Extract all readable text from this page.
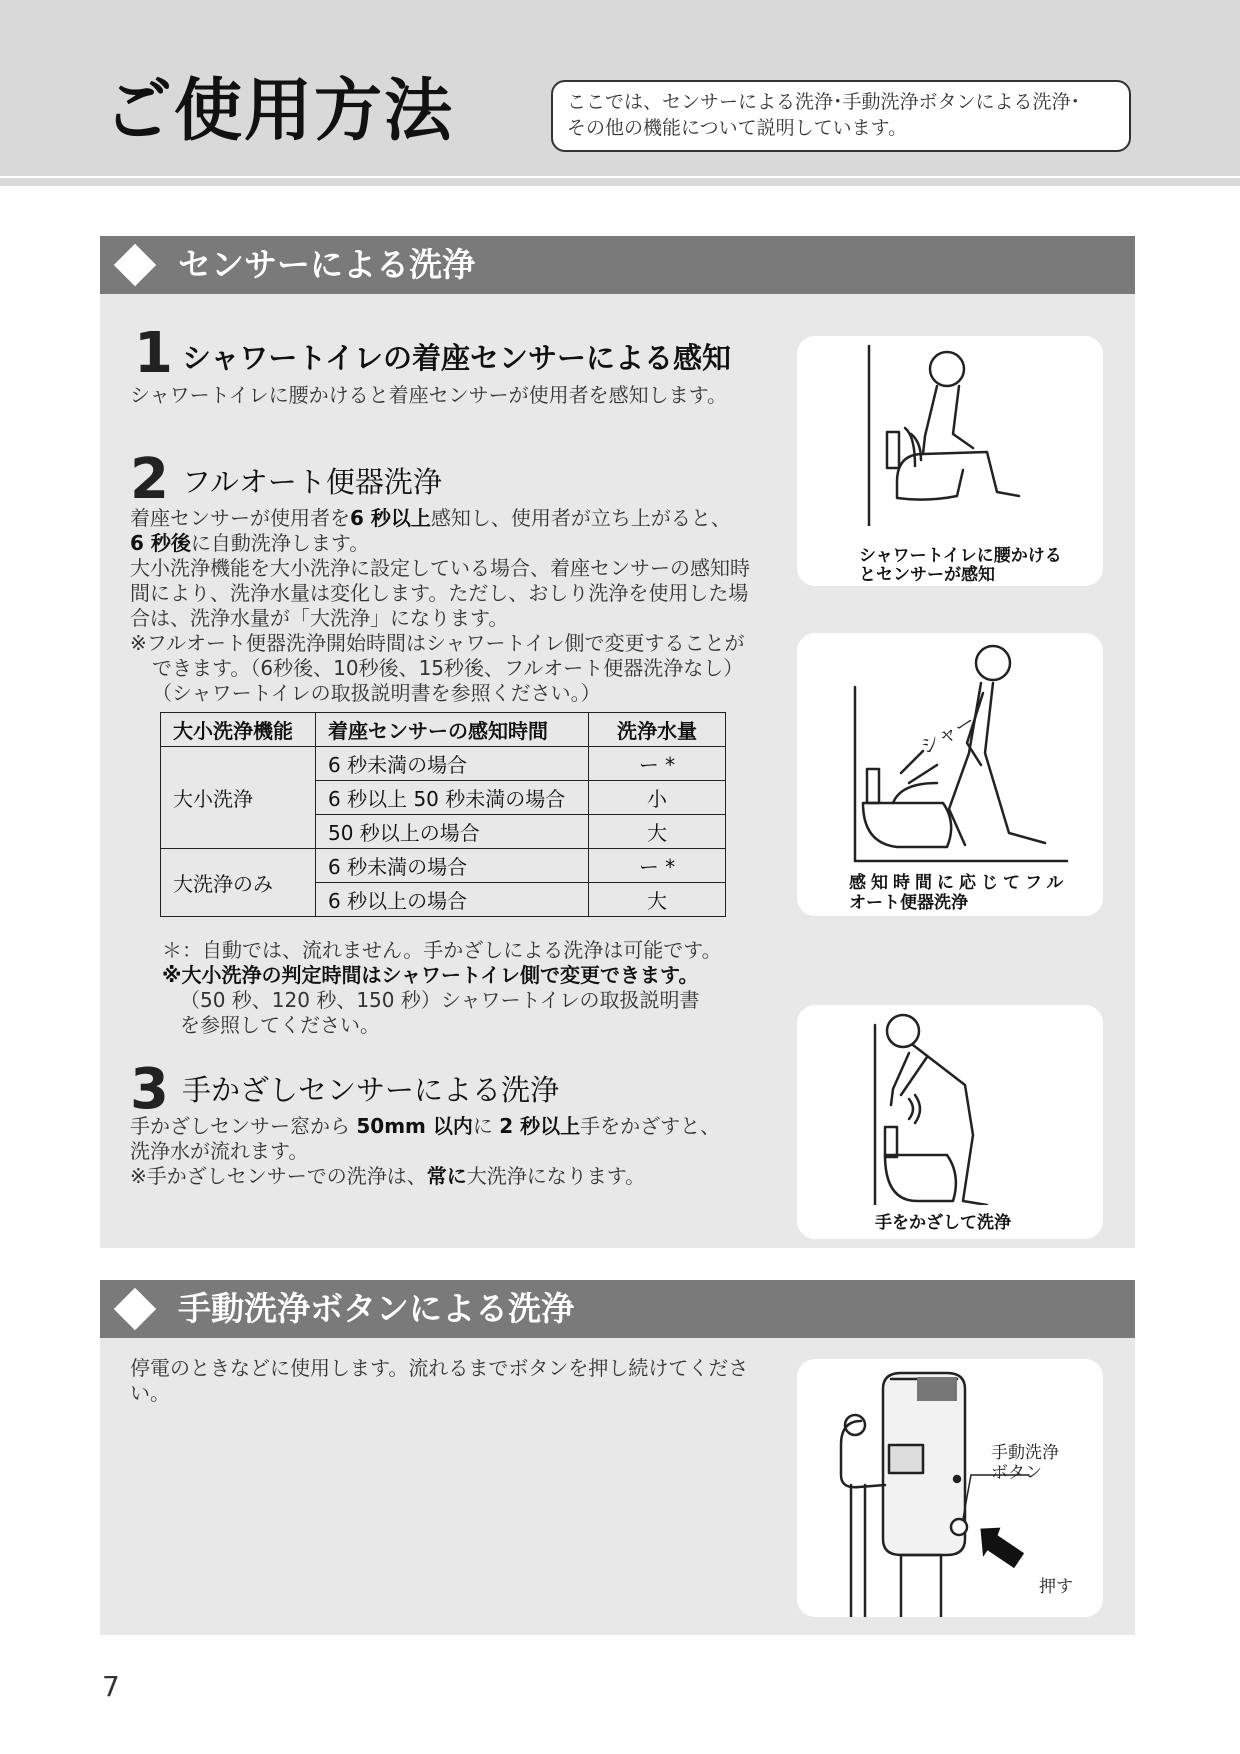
ご使用方法	ここでは、センサーによる洗浄･手動洗浄ボタンによる洗浄･
その他の機能について説明しています。
センサーによる洗浄
1 シャワートイレの着座センサーによる感知
シャワートイレに腰かけると着座センサーが使用者を感知します。
2 フルオート便器洗浄

着座センサーが使用者を6 秒以上感知し、使用者が立ち上がると、

6 秒後に自動洗浄します。

大小洗浄機能を大小洗浄に設定している場合、着座センサーの感知時間により、洗浄水量は変化します。ただし、おしり洗浄を使用した場合は、洗浄水量が「大洗浄」になります。

※フルオート便器洗浄開始時間はシャワートイレ側で変更することができます。（6秒後、10秒後、15秒後、フルオート便器洗浄なし）（シャワートイレの取扱説明書を参照ください。）

大小洗浄機能	着座センサーの感知時間	洗浄水量
大小洗浄	6 秒未満の場合	ー *
	6 秒以上 50 秒未満の場合	小
	50 秒以上の場合	大
大洗浄のみ	6 秒未満の場合	ー *
	6 秒以上の場合	大

＊：自動では、流れません。手かざしによる洗浄は可能です。

※大小洗浄の判定時間はシャワートイレ側で変更できます。

（50 秒、120 秒、150 秒）シャワートイレの取扱説明書

を参照してください。

3 手かざしセンサーによる洗浄

手かざしセンサー窓から 50mm 以内に 2 秒以上手をかざすと、

洗浄水が流れます。

※手かざしセンサーでの洗浄は、常に大洗浄になります。

シャワートイレに腰かける
とセンサーが感知
シャー
感知時間に応じてフル
オート便器洗浄
手をかざして洗浄
手動洗浄ボタンによる洗浄
停電のときなどに使用します。流れるまでボタンを押し続けてください。
手動洗浄
ボタン
押す
7
